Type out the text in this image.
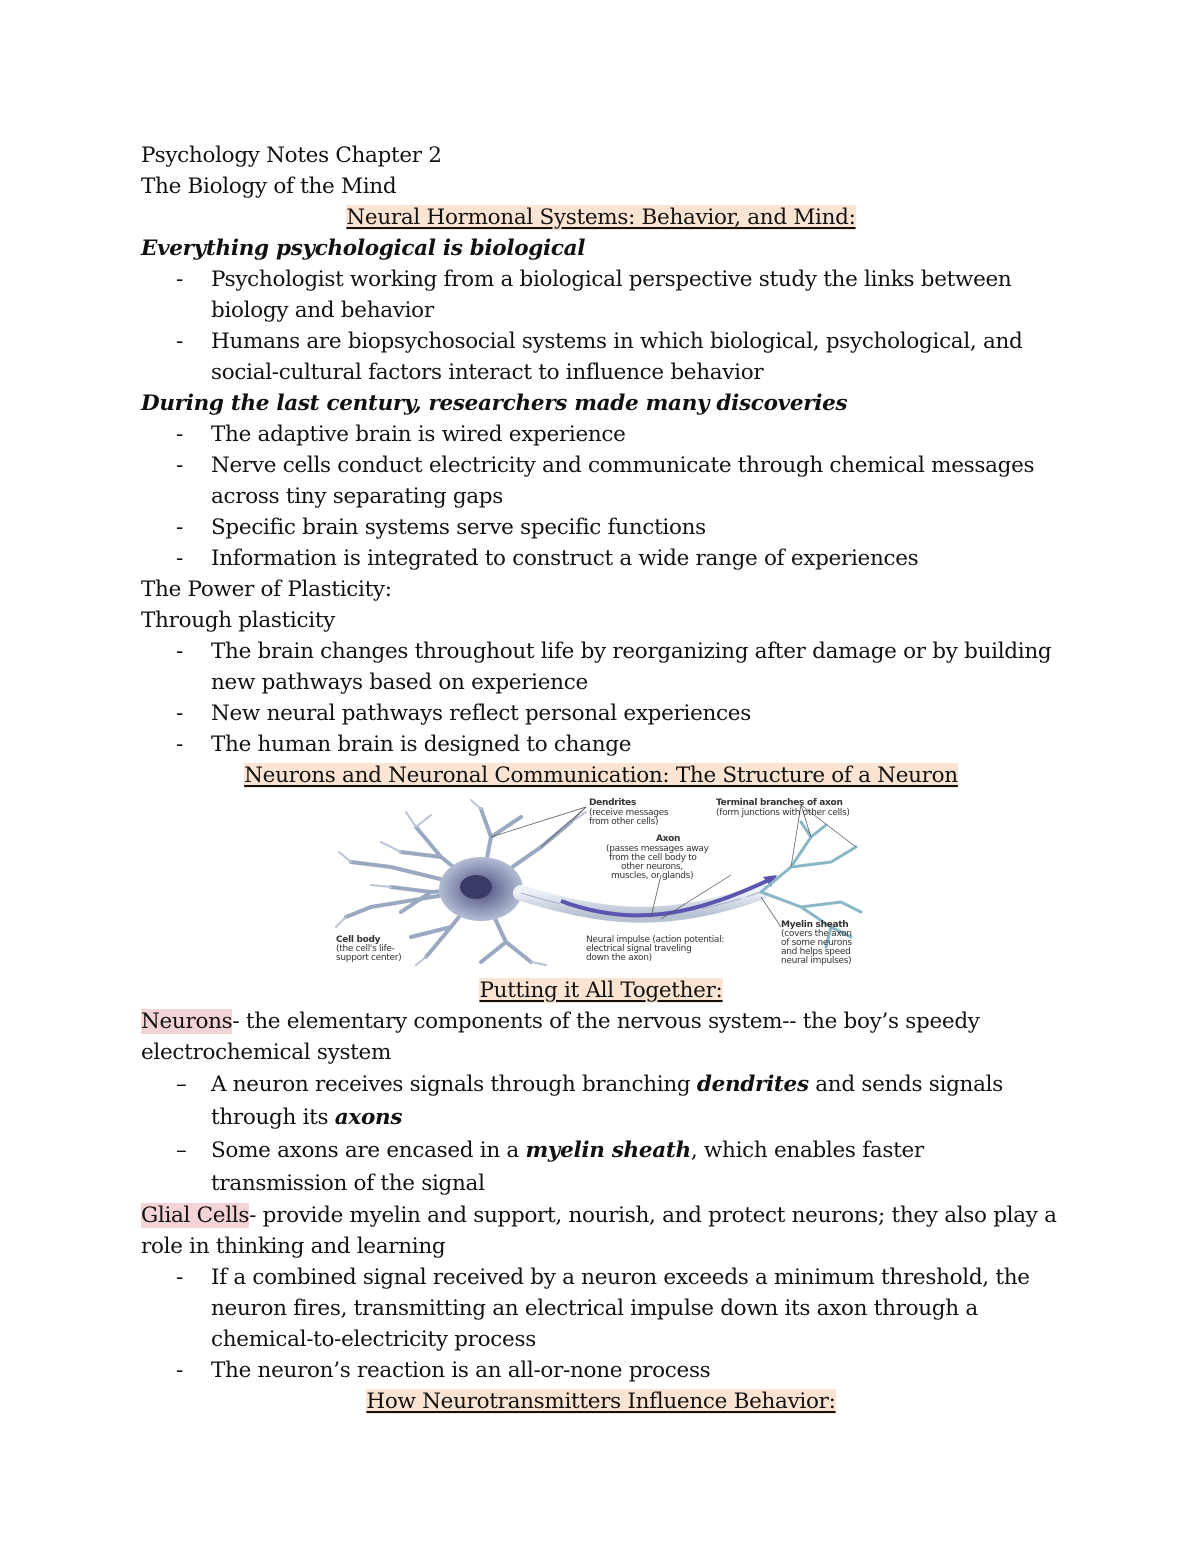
Psychology Notes Chapter 2

The Biology of the Mind

Neural Hormonal Systems: Behavior, and Mind:

Everything psychological is biological

- Psychologist working from a biological perspective study the links between biology and behavior
- Humans are biopsychosocial systems in which biological, psychological, and social-cultural factors interact to influence behavior

During the last century, researchers made many discoveries

- The adaptive brain is wired experience
- Nerve cells conduct electricity and communicate through chemical messages across tiny separating gaps
- Specific brain systems serve specific functions
- Information is integrated to construct a wide range of experiences

The Power of Plasticity:

Through plasticity

- The brain changes throughout life by reorganizing after damage or by building new pathways based on experience
- New neural pathways reflect personal experiences
- The human brain is designed to change

Neurons and Neuronal Communication: The Structure of a Neuron

Dendrites
(receive messages
from other cells)
Terminal branches of axon
(form junctions with other cells)
Axon
(passes messages away
from the cell body to
other neurons,
muscles, or glands)
Cell body
(the cell's life-
support center)
Neural impulse (action potential:
electrical signal traveling
down the axon)
Myelin sheath
(covers the axon
of some neurons
and helps speed
neural impulses)

Putting it All Together:

Neurons- the elementary components of the nervous system-- the boy’s speedy electrochemical system

– A neuron receives signals through branching dendrites and sends signals through its axons
– Some axons are encased in a myelin sheath, which enables faster transmission of the signal

Glial Cells- provide myelin and support, nourish, and protect neurons; they also play a role in thinking and learning

- If a combined signal received by a neuron exceeds a minimum threshold, the neuron fires, transmitting an electrical impulse down its axon through a chemical-to-electricity process
- The neuron’s reaction is an all-or-none process

How Neurotransmitters Influence Behavior:
